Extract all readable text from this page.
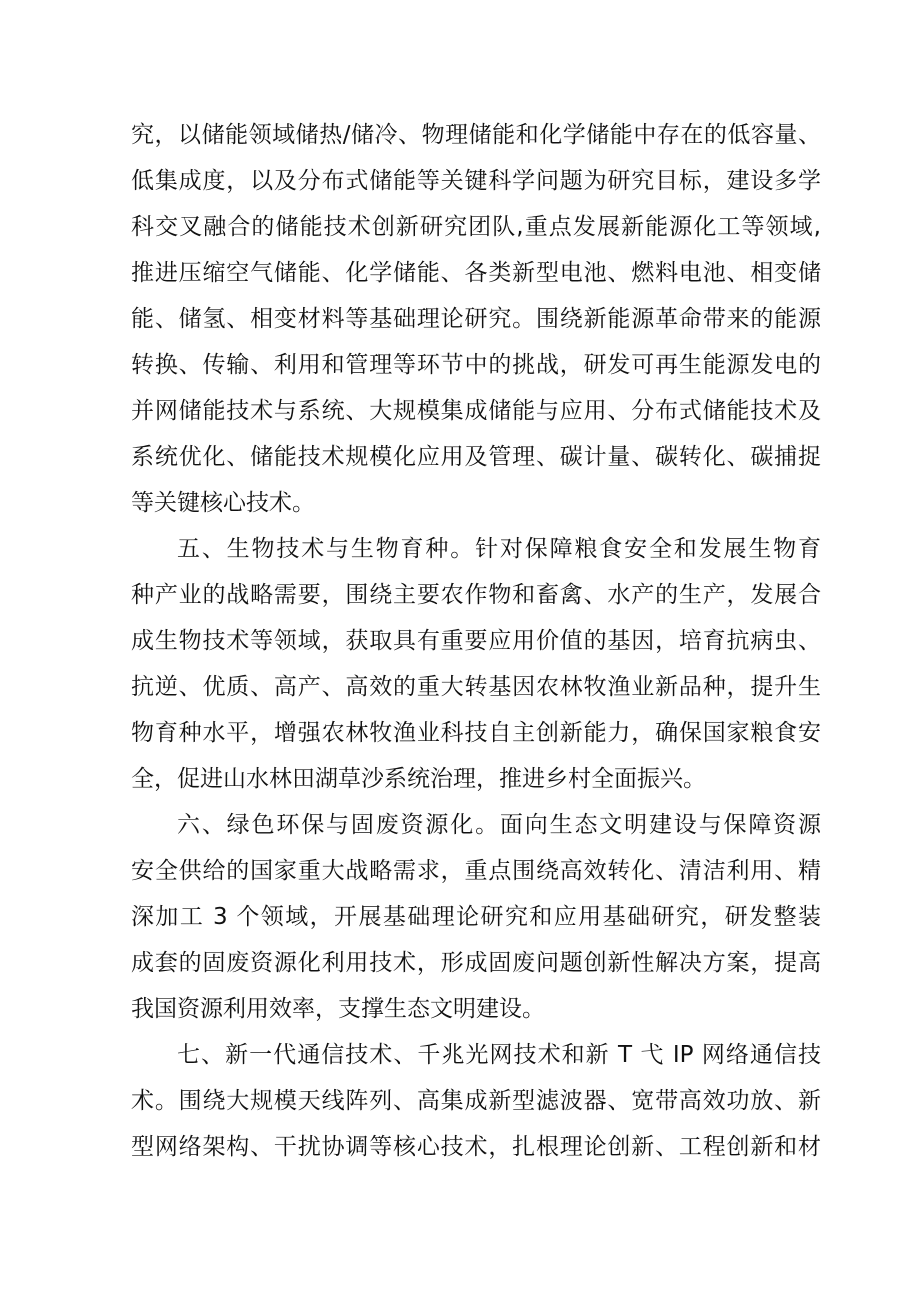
究，以储能领域储热/储冷、物理储能和化学储能中存在的低容量、
低集成度，以及分布式储能等关键科学问题为研究目标，建设多学
科交叉融合的储能技术创新研究团队,重点发展新能源化工等领域,
推进压缩空气储能、化学储能、各类新型电池、燃料电池、相变储
能、储氢、相变材料等基础理论研究。围绕新能源革命带来的能源
转换、传输、利用和管理等环节中的挑战，研发可再生能源发电的
并网储能技术与系统、大规模集成储能与应用、分布式储能技术及
系统优化、储能技术规模化应用及管理、碳计量、碳转化、碳捕捉
等关键核心技术。
五、生物技术与生物育种。针对保障粮食安全和发展生物育
种产业的战略需要，围绕主要农作物和畜禽、水产的生产，发展合
成生物技术等领域，获取具有重要应用价值的基因，培育抗病虫、
抗逆、优质、高产、高效的重大转基因农林牧渔业新品种，提升生
物育种水平，增强农林牧渔业科技自主创新能力，确保国家粮食安
全，促进山水林田湖草沙系统治理，推进乡村全面振兴。
六、绿色环保与固废资源化。面向生态文明建设与保障资源
安全供给的国家重大战略需求，重点围绕高效转化、清洁利用、精
深加工 3 个领域，开展基础理论研究和应用基础研究，研发整装
成套的固废资源化利用技术，形成固废问题创新性解决方案，提高
我国资源利用效率，支撑生态文明建设。
七、新一代通信技术、千兆光网技术和新 T 弋 IP 网络通信技
术。围绕大规模天线阵列、高集成新型滤波器、宽带高效功放、新
型网络架构、干扰协调等核心技术，扎根理论创新、工程创新和材
